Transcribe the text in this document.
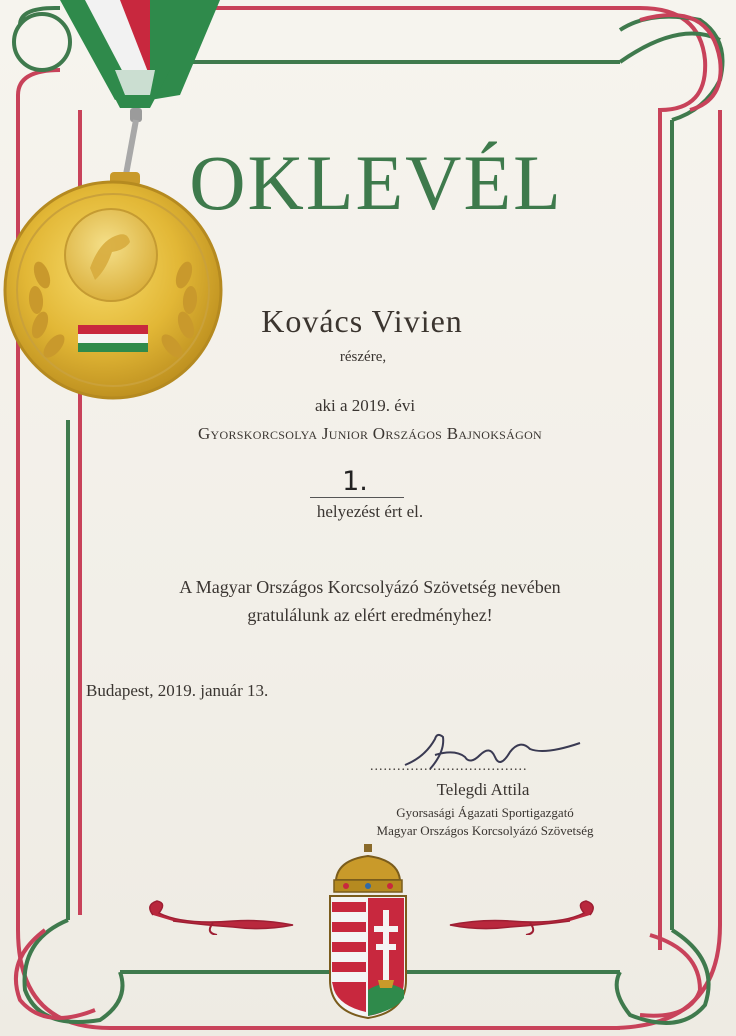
OKLEVÉL
Kovács Vivien
részére,
aki a 2019. évi
Gyorskorcsolya Junior Országos Bajnokságon
1.
helyezést ért el.
A Magyar Országos Korcsolyázó Szövetség nevében
gratulálunk az elért eredményhez!
Budapest, 2019. január 13.
...................................
Telegdi Attila
Gyorsasági Ágazati Sportigazgató
Magyar Országos Korcsolyázó Szövetség
